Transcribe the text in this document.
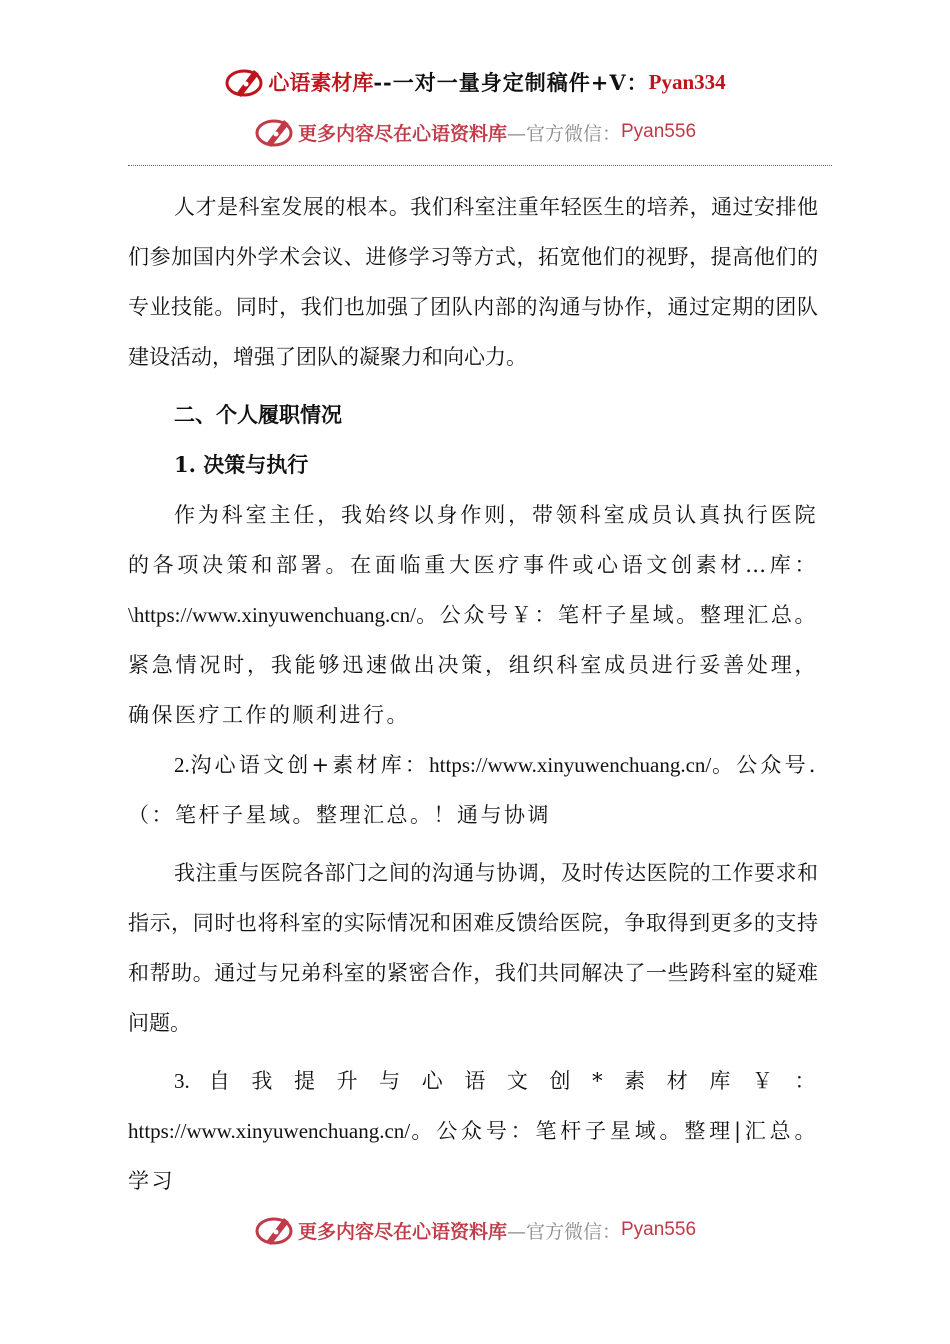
心语素材库 --一对一量身定制稿件+V： Pyan334
更多内容尽在心语资料库 —官方微信： Pyan556

人才是科室发展的根本。我们科室注重年轻医生的培养，通过安排他们参加国内外学术会议、进修学习等方式，拓宽他们的视野，提高他们的专业技能。同时，我们也加强了团队内部的沟通与协作，通过定期的团队建设活动，增强了团队的凝聚力和向心力。

二、个人履职情况

1. 决策与执行

作为科室主任，我始终以身作则，带领科室成员认真执行医院的各项决策和部署。在面临重大医疗事件或心语文创素材…库：\https://www.xinyuwenchuang.cn/。公众号￥：笔杆子星域。整理汇总。紧急情况时，我能够迅速做出决策，组织科室成员进行妥善处理，确保医疗工作的顺利进行。

2.沟心语文创+素材库：https://www.xinyuwenchuang.cn/。公众号.（：笔杆子星域。整理汇总。！通与协调

我注重与医院各部门之间的沟通与协调，及时传达医院的工作要求和指示，同时也将科室的实际情况和困难反馈给医院，争取得到更多的支持和帮助。通过与兄弟科室的紧密合作，我们共同解决了一些跨科室的疑难问题。

3.自我提升与心语文创*素材库￥：https://www.xinyuwenchuang.cn/。公众号：笔杆子星域。整理|汇总。学习

更多内容尽在心语资料库 —官方微信： Pyan556
